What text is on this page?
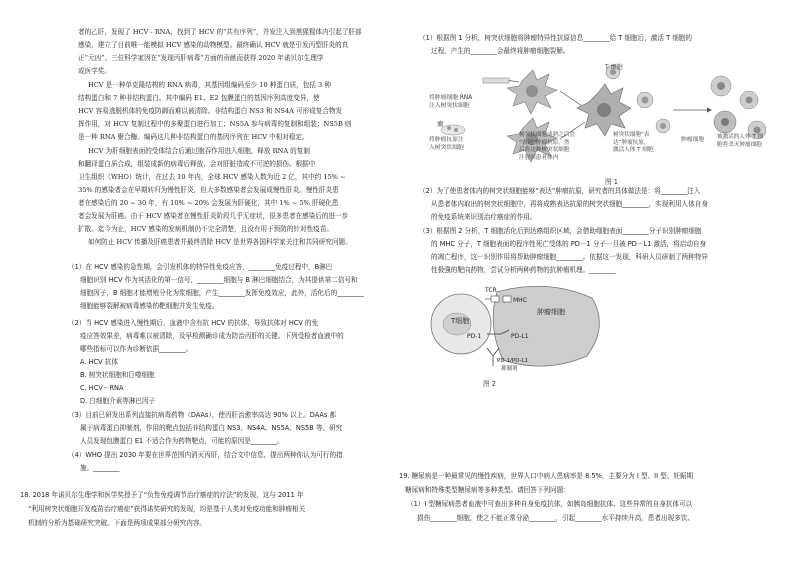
者的乙肝，发现了 HCV - RNA，找到了 HCV 的“共有序列”，并发注入到黑猩猩体内引起了肝部
感染，建立了目前唯一能模拟 HCV 感染的动物模型。最终确认 HCV 就是引发丙型肝炎的真
正“元凶”。三位科学家因在“发现丙肝病毒”方面的贡献而获得 2020 年诺贝尔生理学
或医学奖。
HCV 是一种单克隆结构的 RNA 病毒，其基因组编码至少 10 种蛋白质，包括 3 种
结构蛋白和 7 种非结构蛋白。其中编码 E1、E2 包膜蛋白的基因序列高度变异，使
HCV 容易逃脱机体的免疫防御而难以被清除。非结构蛋白 NS3 和 NS4A 可形成复合物发
挥作用，对 HCV 复制过程中的多聚蛋白进行加工；NS5A 参与病毒的复制和组装；NS5B 则
是一种 RNA 聚合酶。编码这几种非结构蛋白的基因序列在 HCV 中相对稳定。
HCV 为肝细胞表面的受体结合后通过胞吞作用进入细胞，释放 RNA 的复制
和翻译蛋白质合成，组装成新的病毒后释放，会对肝脏造成不可逆的损伤。根据中
卫生组织（WHO）统计，在过去 10 年内，全球 HCV 感染人数为近 2 亿，其中约 15% ~
35% 的感染者会在早期转归为慢性肝炎，但大多数感染者会发展成慢性肝炎。慢性肝炎患
者在感染后的 20 ~ 30 年，有 10% ~ 20% 会发展为肝硬化，其中 1% ~ 5% 肝硬化患
者会发展为肝癌。由于 HCV 感染者在慢性肝炎阶段几乎无症状，很多患者在感染后的进一步
扩散。迄今为止，HCV 感染的发病机制仍不完全清楚，且没有用于预防的针对性疫苗。
如何防止 HCV 传播及肝癌患者并最终清除 HCV 是世界各国科学家关注和共同研究问题。
（1）在 HCV 感染的急性期，会引发机体的特异性免疫应答，________免疫过程中，B淋巴
细胞识别 HCV 作为其活化的第一信号，________细胞与 B 淋巴细胞结合，为其提供第二信号和
细胞因子，B 细胞才能增殖分化为浆细胞，产生________发挥免疫效应，此外，活化后的________
细胞能够裂解被病毒感染的靶细胞并发生免疫。
（2）当 HCV 感染进入慢性期后，血液中含有抗 HCV 的抗体，导致抗体对 HCV 的免
疫应答效果差，病毒难以被清除，及早检测确诊成为防治丙肝的关键。下列受检者血液中的
哪些指标可以作为诊断依据________。
A. HCV 抗体
B. 树突状细胞和巨噬细胞
C. HCV－RNA
D. 白细胞介素等淋巴因子
（3）目前已研发出系列直接抗病毒药物（DAAs），使丙肝治愈率高达 90% 以上。DAAs 都
属于病毒蛋白抑制剂，作用的靶点包括非结构蛋白 NS3、NS4A、NS5A、NS5B 等。研究
人员发现包膜蛋白 E1 不适合作为药物靶点，可能的原因是________。
（4）WHO 提出 2030 年要在世界范围内消灭丙肝，结合文中信息，提出两种你认为可行的措
施。________
18. 2018 年诺贝尔生理学和医学奖授予了“负性免疫调节治疗癌症的疗法”的发现，这与 2011 年
“利用树突状细胞开发疫苗治疗癌症”获得诺奖研究的发现，均是基于人类对免疫功能和肿瘤相关
机制的分析为基础研究突破。下面是两项成果部分研究内容。
（1）根据图 1 分析，树突状细胞将肿瘤特异性抗原信息________给 T 细胞后，激活 T 细胞的
过程，产生的________会最终将肿瘤细胞裂解。
瘤
T 细胞
将肿瘤细胞 RNA
注入树突状细胞
将肿瘤抗原注
入树突状细胞
树突状细胞成熟之后会
“表达”肿瘤抗原，然
后将这种树突状细胞
注射回患者体内
树突状细胞“表
达”肿瘤抗原，
激活人体 T 细胞
肿瘤细胞 被激活的人体 T 细
胞将杀灭肿瘤细胞
图 1
（2）为了使患者体内的树突状细胞能够“表达”肿瘤抗原，研究者的具体做法是：将________注入
从患者体内取出的树突状细胞中，再将成熟表达抗原的树突状细胞________，实现利用人体自身
的免疫系统来识别治疗癌症的作用。
（3）根据图 2 分析，T 细胞活化后到达癌组织区域，会借助细胞表面________分子识别肿瘤细胞
的 MHC 分子，T 细胞表面的程序性死亡受体的 PD－1 分子一旦被 PD－L1 激活，将启动自身
的凋亡程序，这一识别作用将帮助肿瘤细胞________。依据这一发现，科研人员研制了两种特异
性极强的靶向药物，尝试分析两种药物的抗肿瘤机理。________
T细胞
肿瘤细胞
TCR
MHC
PD-1	PD-L1
PD-1/PD-L1
抑制剂
图 2
19. 糖尿病是一种最常见的慢性疾病，世界人口中病人患病率是 8.5%，主要分为 I 型、II 型、妊娠期
糖尿病和特殊类型糖尿病等多种类型。请回答下列问题：
（1）I 型糖尿病患者血液中可查出多种自身免疫抗体，如胰岛细胞抗体。这些异常的自身抗体可以
损伤________细胞，使之不能正常分泌________，引起________水平持续升高，患者出现多饮、
